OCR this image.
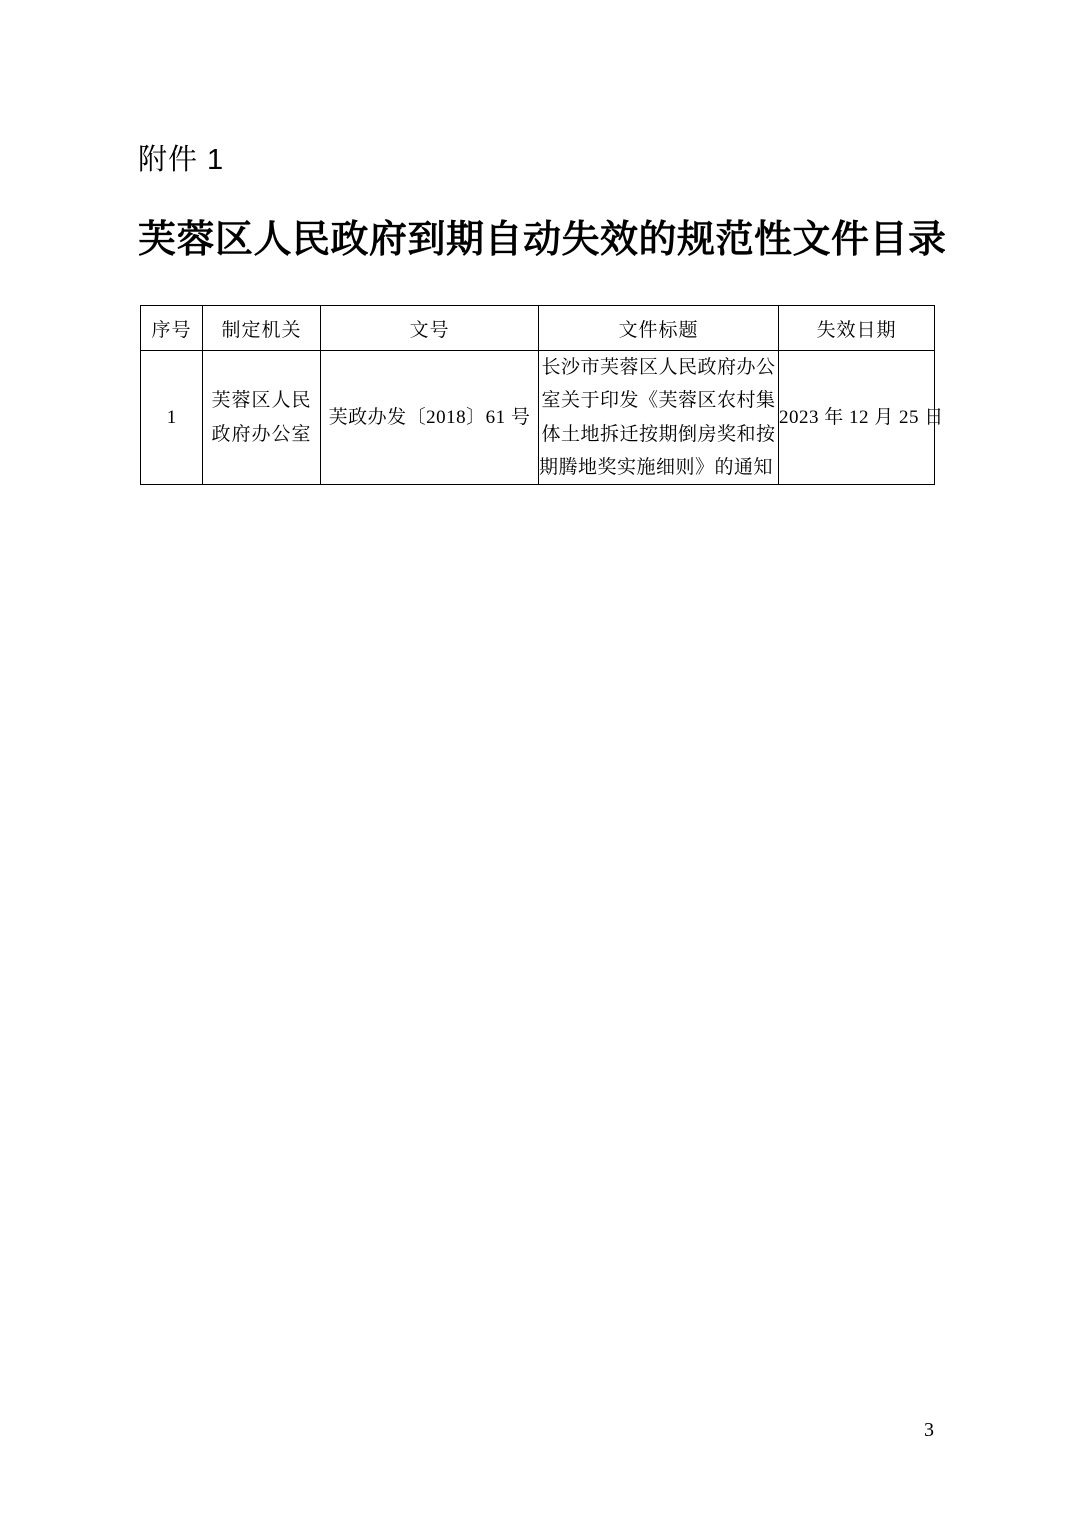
附件 1
芙蓉区人民政府到期自动失效的规范性文件目录
序号	制定机关	文号	文件标题	失效日期
1	芙蓉区人民
政府办公室	芙政办发〔2018〕61 号	长沙市芙蓉区人民政府办公室关于印发《芙蓉区农村集体土地拆迁按期倒房奖和按期腾地奖实施细则》的通知	2023 年 12 月 25 日
3
